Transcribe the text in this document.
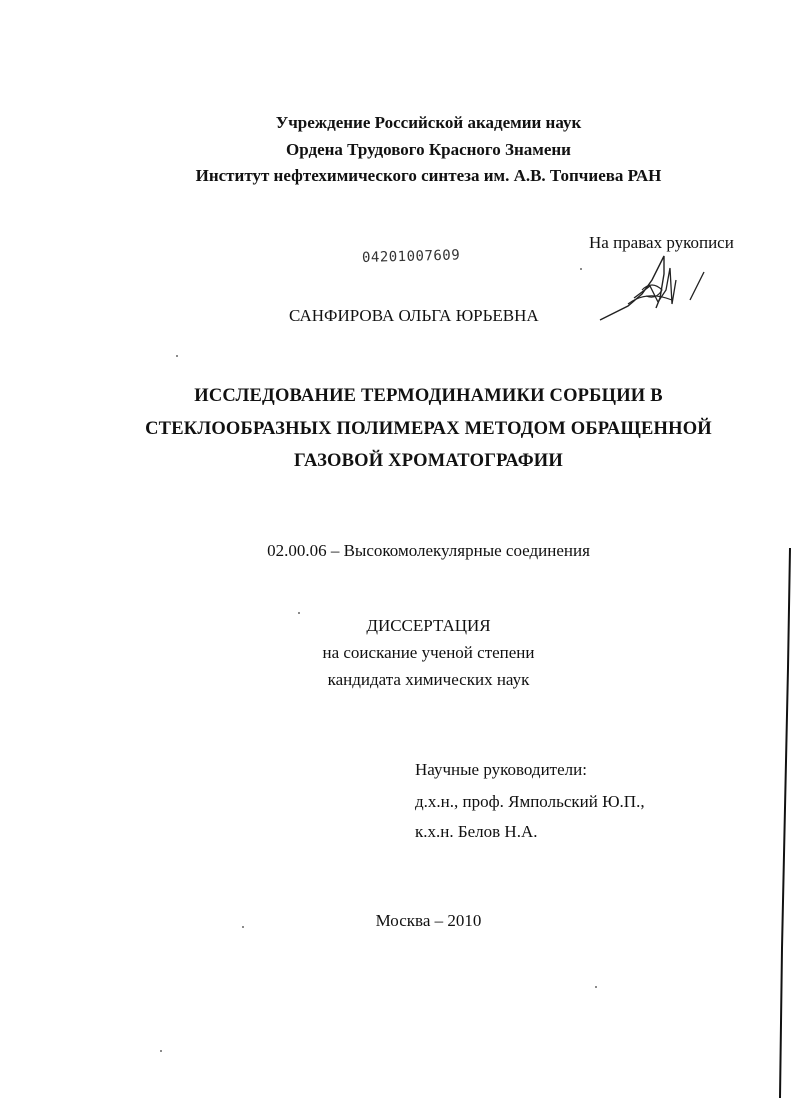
Учреждение Российской академии наук
Ордена Трудового Красного Знамени
Институт нефтехимического синтеза им. А.В. Топчиева РАН
На правах рукописи
04201007609
САНФИРОВА ОЛЬГА ЮРЬЕВНА
ИССЛЕДОВАНИЕ ТЕРМОДИНАМИКИ СОРБЦИИ В
СТЕКЛООБРАЗНЫХ ПОЛИМЕРАХ МЕТОДОМ ОБРАЩЕННОЙ
ГАЗОВОЙ ХРОМАТОГРАФИИ
02.00.06 – Высокомолекулярные соединения
ДИССЕРТАЦИЯ
на соискание ученой степени
кандидата химических наук
Научные руководители:
д.х.н., проф. Ямпольский Ю.П.,
к.х.н. Белов Н.А.
Москва – 2010
